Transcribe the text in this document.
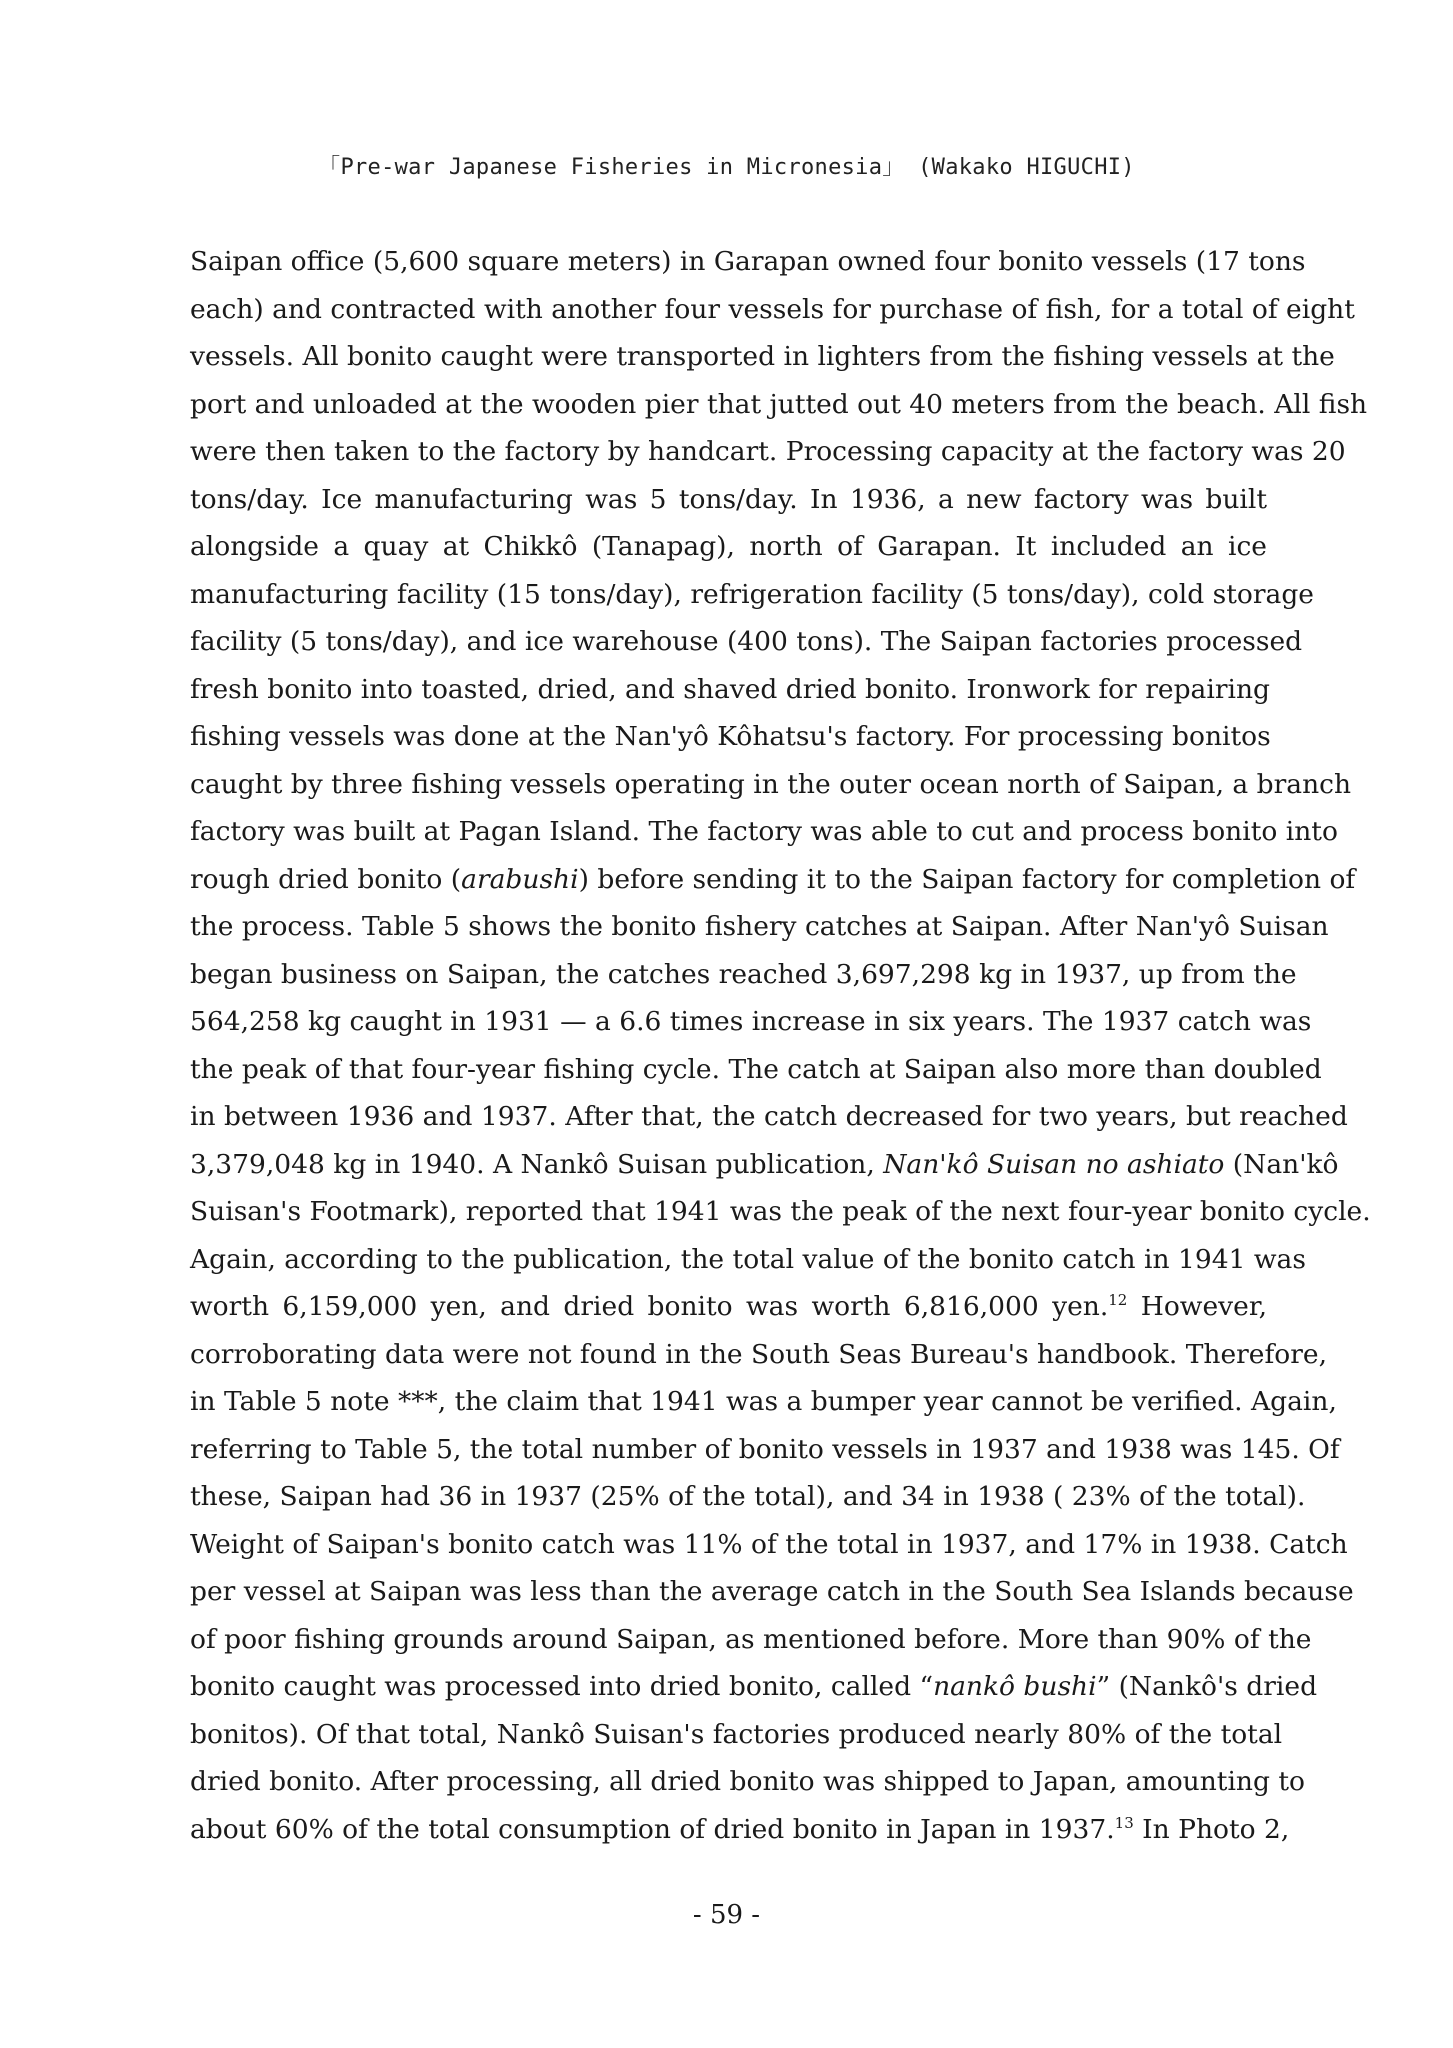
「Pre-war Japanese Fisheries in Micronesia」 (Wakako HIGUCHI)
Saipan office (5,600 square meters) in Garapan owned four bonito vessels (17 tons
each) and contracted with another four vessels for purchase of fish, for a total of eight
vessels. All bonito caught were transported in lighters from the fishing vessels at the
port and unloaded at the wooden pier that jutted out 40 meters from the beach. All fish
were then taken to the factory by handcart. Processing capacity at the factory was 20
tons/day. Ice manufacturing was 5 tons/day. In 1936, a new factory was built
alongside a quay at Chikkô (Tanapag), north of Garapan. It included an ice
manufacturing facility (15 tons/day), refrigeration facility (5 tons/day), cold storage
facility (5 tons/day), and ice warehouse (400 tons). The Saipan factories processed
fresh bonito into toasted, dried, and shaved dried bonito. Ironwork for repairing
fishing vessels was done at the Nan'yô Kôhatsu's factory. For processing bonitos
caught by three fishing vessels operating in the outer ocean north of Saipan, a branch
factory was built at Pagan Island. The factory was able to cut and process bonito into
rough dried bonito (arabushi) before sending it to the Saipan factory for completion of
the process. Table 5 shows the bonito fishery catches at Saipan. After Nan'yô Suisan
began business on Saipan, the catches reached 3,697,298 kg in 1937, up from the
564,258 kg caught in 1931 — a 6.6 times increase in six years. The 1937 catch was
the peak of that four-year fishing cycle. The catch at Saipan also more than doubled
in between 1936 and 1937. After that, the catch decreased for two years, but reached
3,379,048 kg in 1940. A Nankô Suisan publication, Nan'kô Suisan no ashiato (Nan'kô
Suisan's Footmark), reported that 1941 was the peak of the next four-year bonito cycle.
Again, according to the publication, the total value of the bonito catch in 1941 was
worth 6,159,000 yen, and dried bonito was worth 6,816,000 yen.$^{12}$ However,
corroborating data were not found in the South Seas Bureau's handbook. Therefore,
in Table 5 note ***, the claim that 1941 was a bumper year cannot be verified. Again,
referring to Table 5, the total number of bonito vessels in 1937 and 1938 was 145. Of
these, Saipan had 36 in 1937 (25% of the total), and 34 in 1938 ( 23% of the total).
Weight of Saipan's bonito catch was 11% of the total in 1937, and 17% in 1938. Catch
per vessel at Saipan was less than the average catch in the South Sea Islands because
of poor fishing grounds around Saipan, as mentioned before. More than 90% of the
bonito caught was processed into dried bonito, called “nankô bushi” (Nankô's dried
bonitos). Of that total, Nankô Suisan's factories produced nearly 80% of the total
dried bonito. After processing, all dried bonito was shipped to Japan, amounting to
about 60% of the total consumption of dried bonito in Japan in 1937.13 In Photo 2,
- 59 -
